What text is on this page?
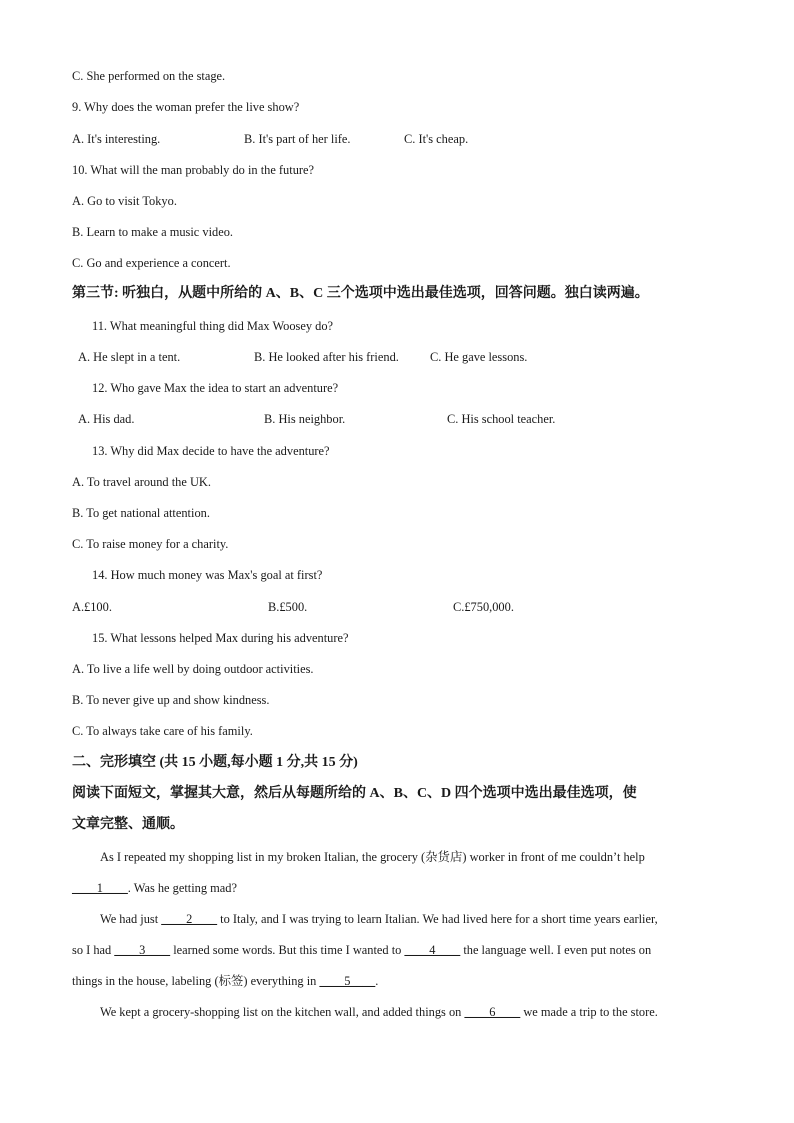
C. She performed on the stage.
9. Why does the woman prefer the live show?
A. It's interesting.	B. It's part of her life.	C. It's cheap.
10. What will the man probably do in the future?
A. Go to visit Tokyo.
B. Learn to make a music video.
C. Go and experience a concert.
第三节: 听独白，从题中所给的 A、B、C 三个选项中选出最佳选项，回答问题。独白读两遍。
11. What meaningful thing did Max Woosey do?
A. He slept in a tent.	B. He looked after his friend.	C. He gave lessons.
12. Who gave Max the idea to start an adventure?
A. His dad.	B. His neighbor.	C. His school teacher.
13. Why did Max decide to have the adventure?
A. To travel around the UK.
B. To get national attention.
C. To raise money for a charity.
14. How much money was Max's goal at first?
A.£100.	B.£500.	C.£750,000.
15. What lessons helped Max during his adventure?
A. To live a life well by doing outdoor activities.
B. To never give up and show kindness.
C. To always take care of his family.
二、完形填空 (共 15 小题,每小题 1 分,共 15 分)
阅读下面短文，掌握其大意，然后从每题所给的 A、B、C、D 四个选项中选出最佳选项，使
文章完整、通顺。
As I repeated my shopping list in my broken Italian, the grocery (杂货店) worker in front of me couldn’t help
____1____. Was he getting mad?
We had just ____2____ to Italy, and I was trying to learn Italian. We had lived here for a short time years earlier,
so I had ____3____ learned some words. But this time I wanted to ____4____ the language well. I even put notes on
things in the house, labeling (标签) everything in ____5____.
We kept a grocery-shopping list on the kitchen wall, and added things on ____6____ we made a trip to the store.
